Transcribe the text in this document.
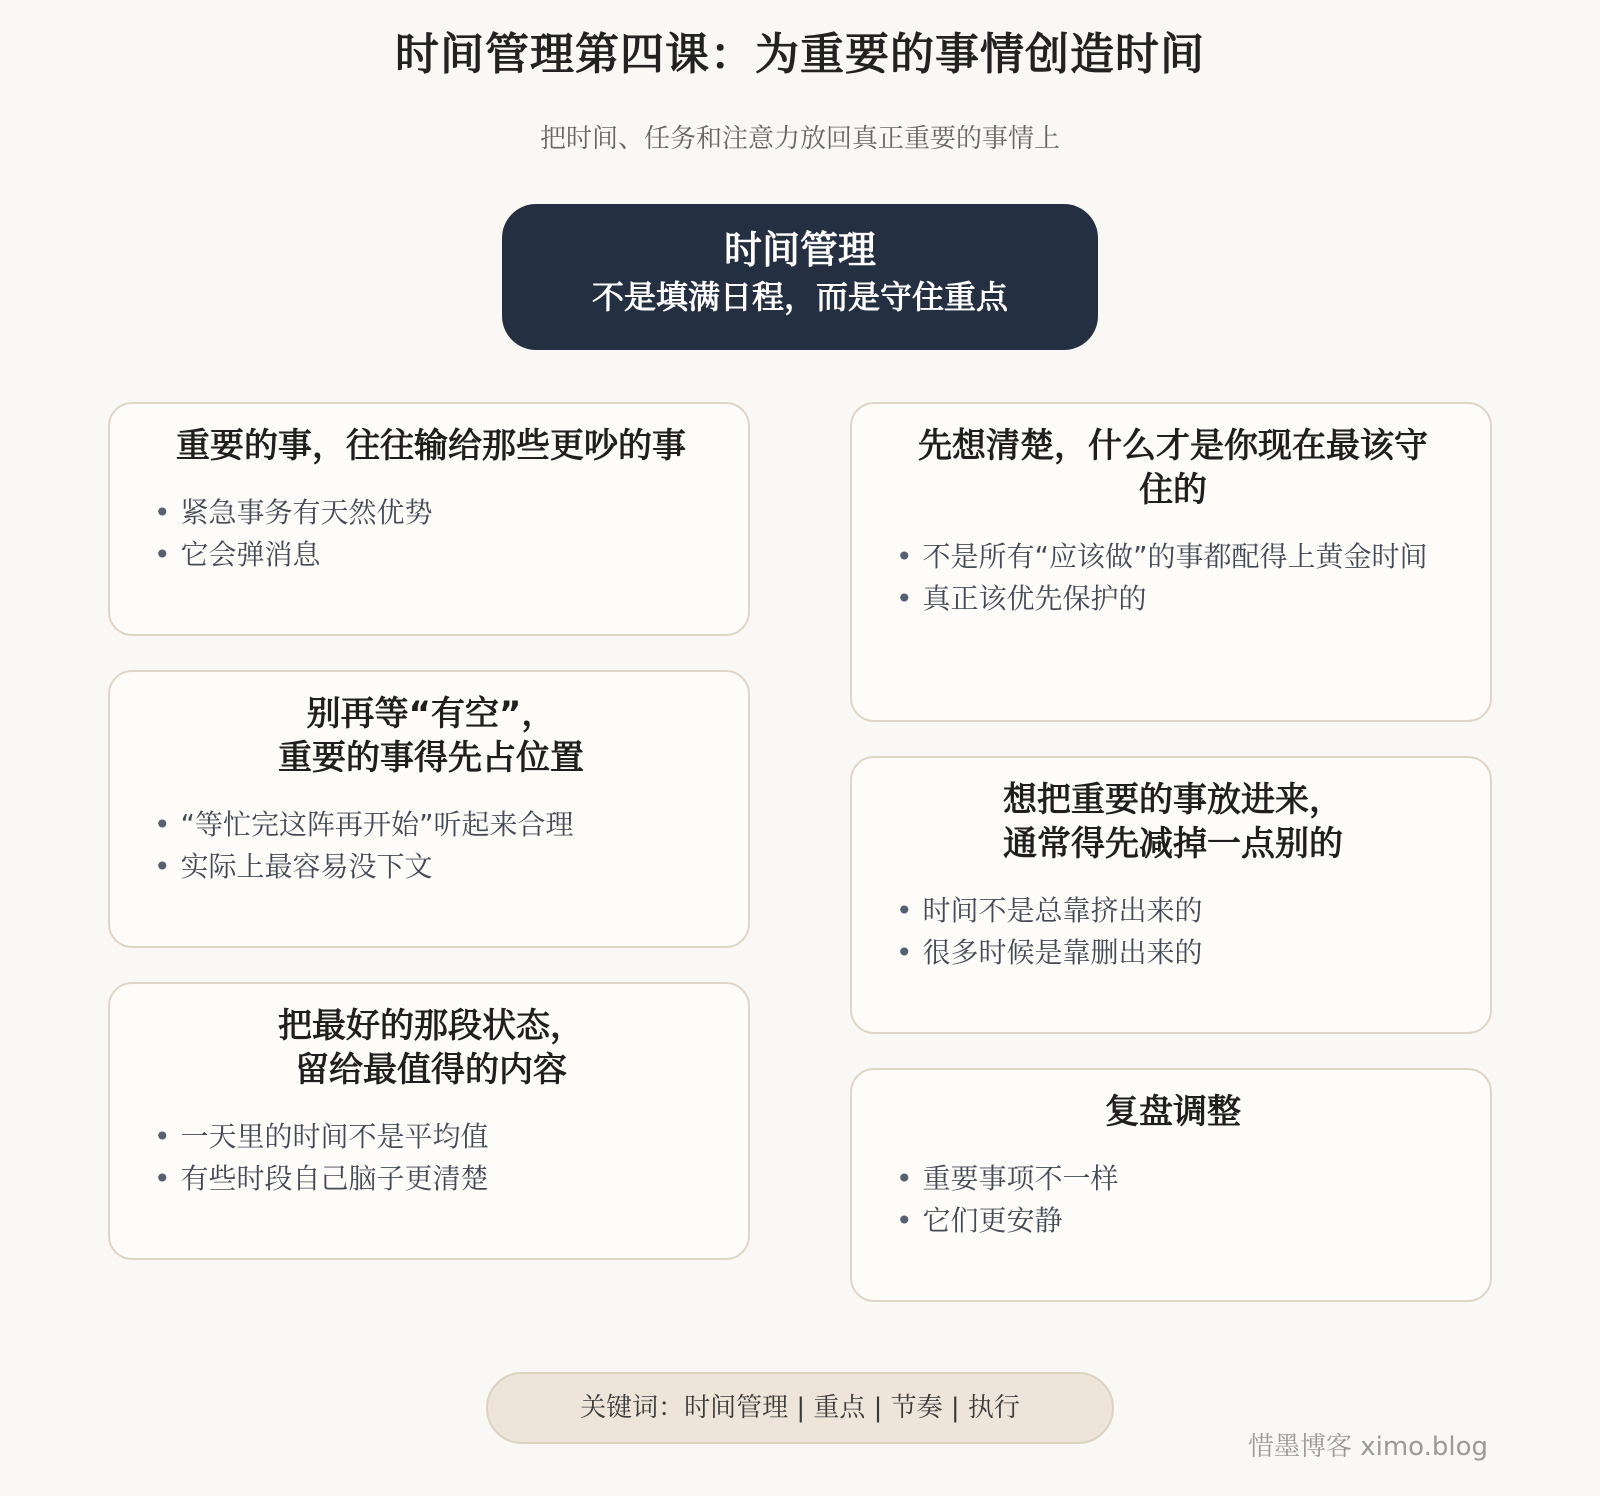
时间管理第四课：为重要的事情创造时间
把时间、任务和注意力放回真正重要的事情上
时间管理
不是填满日程，而是守住重点
重要的事，往往输给那些更吵的事
• 紧急事务有天然优势
• 它会弹消息
别再等“有空”，
重要的事得先占位置
• “等忙完这阵再开始”听起来合理
• 实际上最容易没下文
把最好的那段状态，
留给最值得的内容
• 一天里的时间不是平均值
• 有些时段自己脑子更清楚
先想清楚，什么才是你现在最该守
住的
• 不是所有“应该做”的事都配得上黄金时间
• 真正该优先保护的
想把重要的事放进来，
通常得先减掉一点别的
• 时间不是总靠挤出来的
• 很多时候是靠删出来的
复盘调整
• 重要事项不一样
• 它们更安静
关键词：时间管理 | 重点 | 节奏 | 执行
惜墨博客 ximo.blog
